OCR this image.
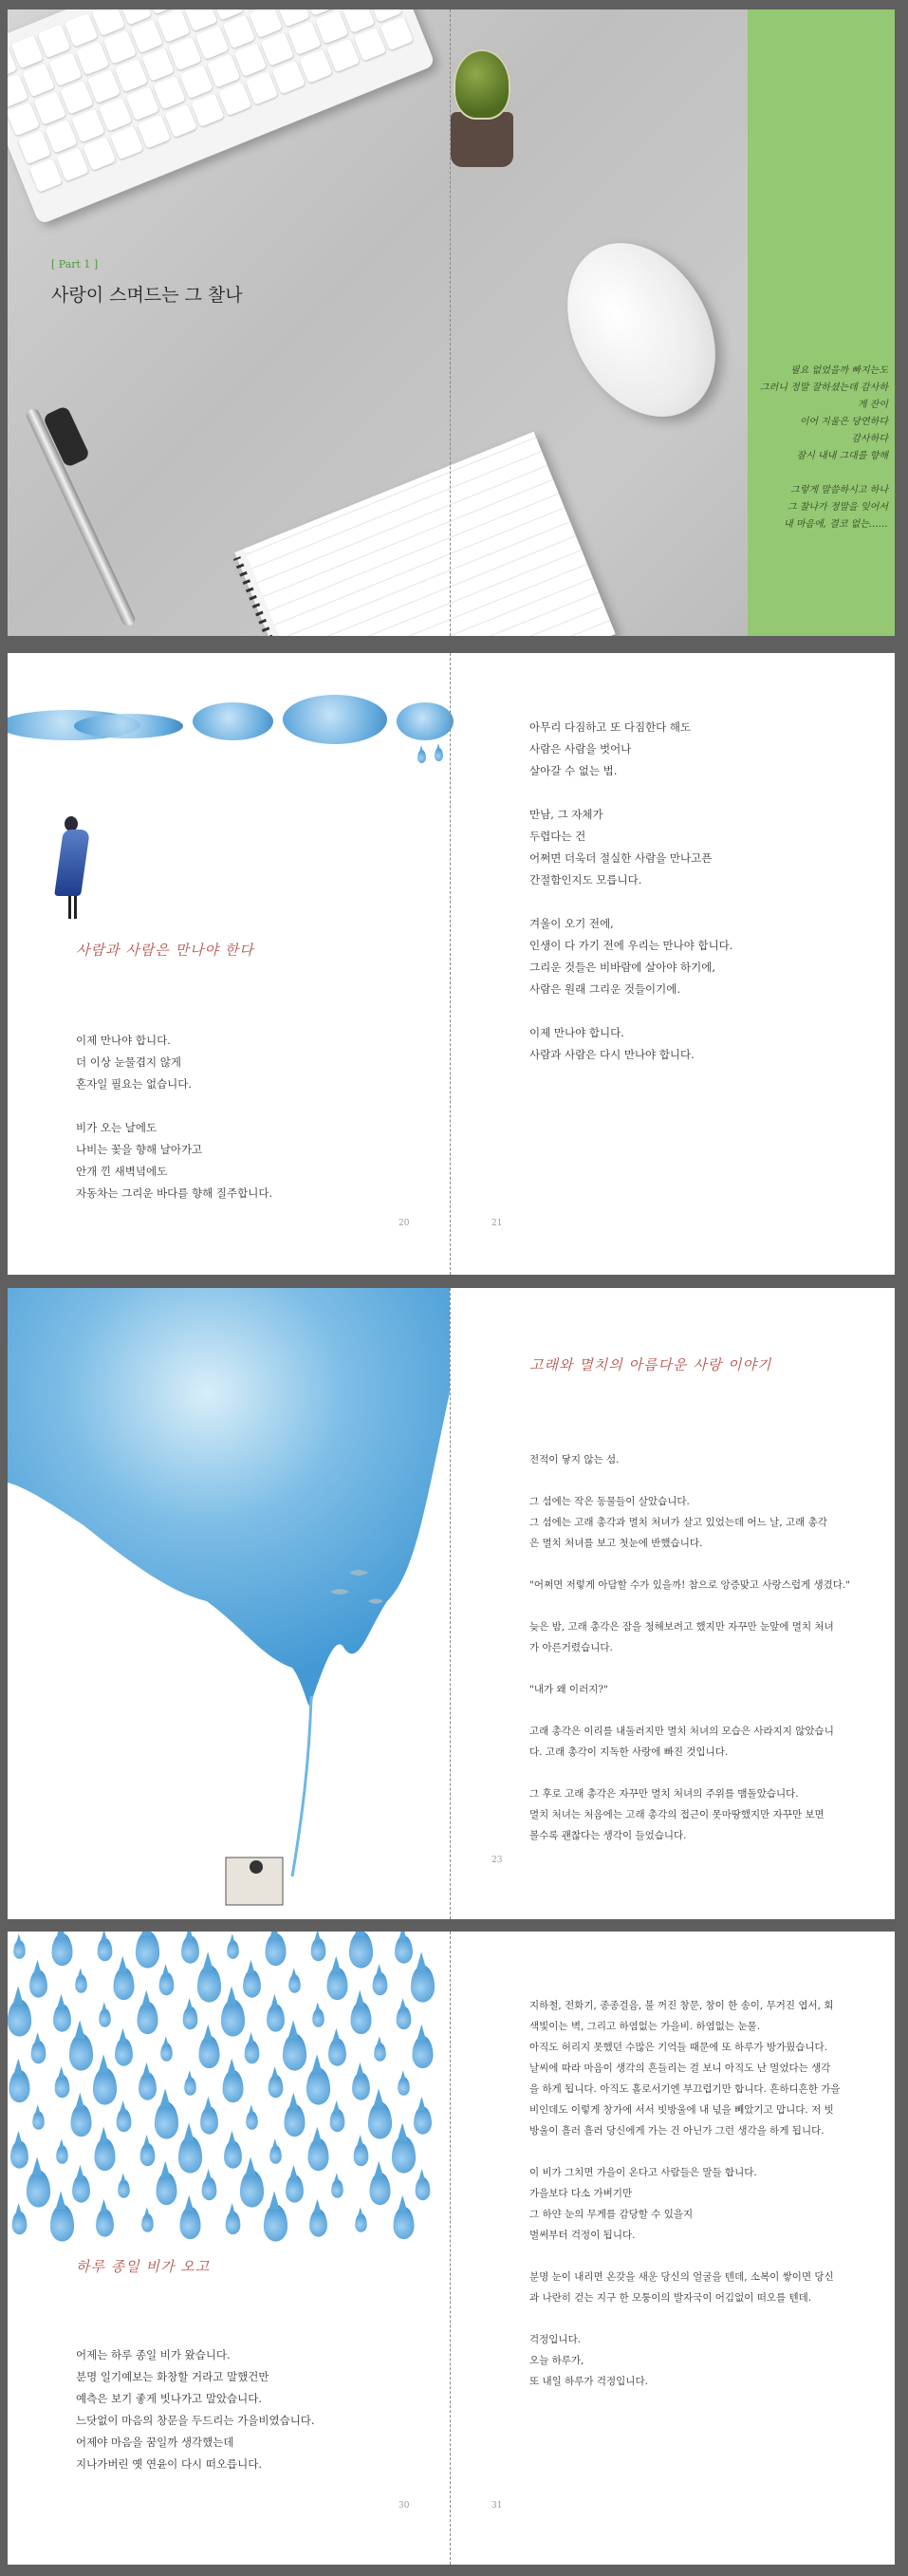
[ Part 1 ]
사랑이 스며드는 그 찰나
필요 없었을까 빠지는도
그러니 정말 잘하셨는데 감사하게 잔이
이어 지울은 당연하다
감사하다
잠시 내내 그대를 향해

그렇게 말씀하시고 하나
그 찰나가 정말을 잊어서
내 마음에, 결코 없는……
사람과 사람은 만나야 한다
이제 만나야 합니다.
더 이상 눈물겹지 않게
혼자일 필요는 없습니다.

비가 오는 날에도
나비는 꽃을 향해 날아가고
안개 낀 새벽녘에도
자동차는 그리운 바다를 향해 질주합니다.
아무리 다짐하고 또 다짐한다 해도
사람은 사람을 벗어나
살아갈 수 없는 법.

만남, 그 자체가
두렵다는 건
어쩌면 더욱더 절실한 사람을 만나고픈
간절함인지도 모릅니다.

겨울이 오기 전에,
인생이 다 가기 전에 우리는 만나야 합니다.
그리운 것들은 비바람에 살아야 하기에,
사람은 원래 그리운 것들이기에.

이제 만나야 합니다.
사람과 사람은 다시 만나야 합니다.
20	21
고래와 멸치의 아름다운 사랑 이야기
전적이 닿지 않는 섬.

그 섬에는 작은 동물들이 살았습니다.
그 섬에는 고래 총각과 멸치 처녀가 살고 있었는데 어느 날, 고래 총각
은 멸치 처녀를 보고 첫눈에 반했습니다.

"어쩌면 저렇게 아담할 수가 있을까! 참으로 앙증맞고 사랑스럽게 생겼다."

늦은 밤, 고래 총각은 잠을 청해보려고 했지만 자꾸만 눈앞에 멸치 처녀
가 아른거렸습니다.

"내가 왜 이러지?"

고래 총각은 이리를 내둘러지만 멸치 처녀의 모습은 사라지지 않았습니
다. 고래 총각이 지독한 사랑에 빠진 것입니다.

그 후로 고래 총각은 자꾸만 멸치 처녀의 주위를 맴돌았습니다.
멸치 처녀는 처음에는 고래 총각의 접근이 못마땅했지만 자꾸만 보면
볼수록 괜찮다는 생각이 들었습니다.
23
하루 종일 비가 오고
어제는 하루 종일 비가 왔습니다.
분명 일기예보는 화창할 거라고 말했건만
예측은 보기 좋게 빗나가고 말았습니다.
느닷없이 마음의 창문을 두드리는 가을비였습니다.
어제야 마음을 꿈일까 생각했는데
지나가버린 옛 연윤이 다시 떠오릅니다.
지하철, 전화기, 종종걸음, 불 꺼진 창문, 창이 한 송이, 무거진 엽서, 회
색빛이는 벽, 그리고 하염없는 가을비. 하염없는 눈물.
아직도 허리지 못했던 수많은 기억들 때문에 또 하루가 방가웠습니다.
날씨에 따라 마음이 생각의 흔들리는 걸 보니 아직도 난 멀었다는 생각
을 하게 됩니다. 아직도 홀로서기엔 부끄럽기만 합니다. 흔하디흔한 가을
비인데도 이렇게 창가에 서서 빗방울에 내 넋을 빼았기고 맙니다. 저 빗
방울이 흘러 흘러 당신에게 가는 건 아닌가 그런 생각을 하게 됩니다.

이 비가 그치면 가을이 온다고 사람들은 말들 합니다.
가을보다 다소 가벼기만
그 하얀 눈의 무게를 감당할 수 있을지
벌써부터 걱정이 됩니다.

분명 눈이 내리면 온갖을 새운 당신의 얼굴을 텐데, 소복이 쌓이면 당신
과 나란히 걷는 지구 한 모퉁이의 발자국이 어김없이 떠오를 텐데.

걱정입니다.
오늘 하루가,
또 내일 하루가 걱정입니다.
30	31
